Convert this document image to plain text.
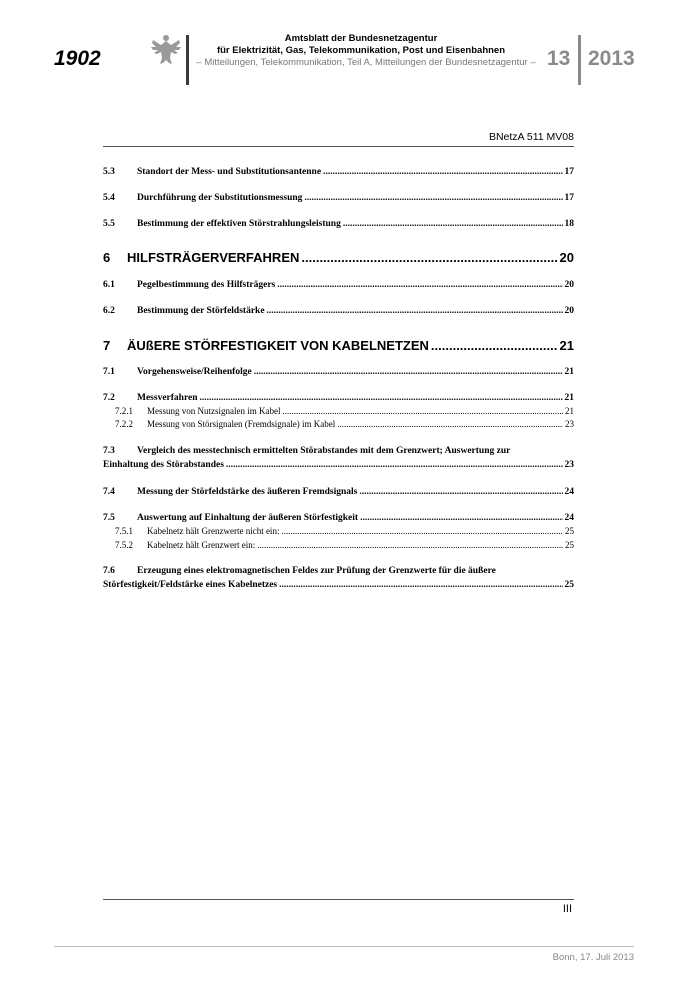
1902
Amtsblatt der Bundesnetzagentur
für Elektrizität, Gas, Telekommunikation, Post und Eisenbahnen
– Mitteilungen, Telekommunikation, Teil A, Mitteilungen der Bundesnetzagentur – 13 2013
BNetzA 511 MV08
5.3	Standort der Mess- und Substitutionsantenne .....	17
5.4	Durchführung der Substitutionsmessung .....	17
5.5	Bestimmung der effektiven Störstrahlungsleistung .....	18
6	HILFSTRÄGERVERFAHREN .....	20
6.1	Pegelbestimmung des Hilfsträgers .....	20
6.2	Bestimmung der Störfeldstärke .....	20
7	ÄUßERE STÖRFESTIGKEIT VON KABELNETZEN .....	21
7.1	Vorgehensweise/Reihenfolge .....	21
7.2	Messverfahren .....	21
7.2.1	Messung von Nutzsignalen im Kabel .....	21
7.2.2	Messung von Störsignalen (Fremdsignale) im Kabel .....	23
7.3 Vergleich des messtechnisch ermittelten Störabstandes mit dem Grenzwert; Auswertung zur
Einhaltung des Störabstandes .....	23
7.4	Messung der Störfeldstärke des äußeren Fremdsignals .....	24
7.5	Auswertung auf Einhaltung der äußeren Störfestigkeit .....	24
7.5.1	Kabelnetz hält Grenzwerte nicht ein: .....	25
7.5.2	Kabelnetz hält Grenzwert ein: .....	25
7.6 Erzeugung eines elektromagnetischen Feldes zur Prüfung der Grenzwerte für die äußere
Störfestigkeit/Feldstärke eines Kabelnetzes .....	25
III
Bonn, 17. Juli 2013
